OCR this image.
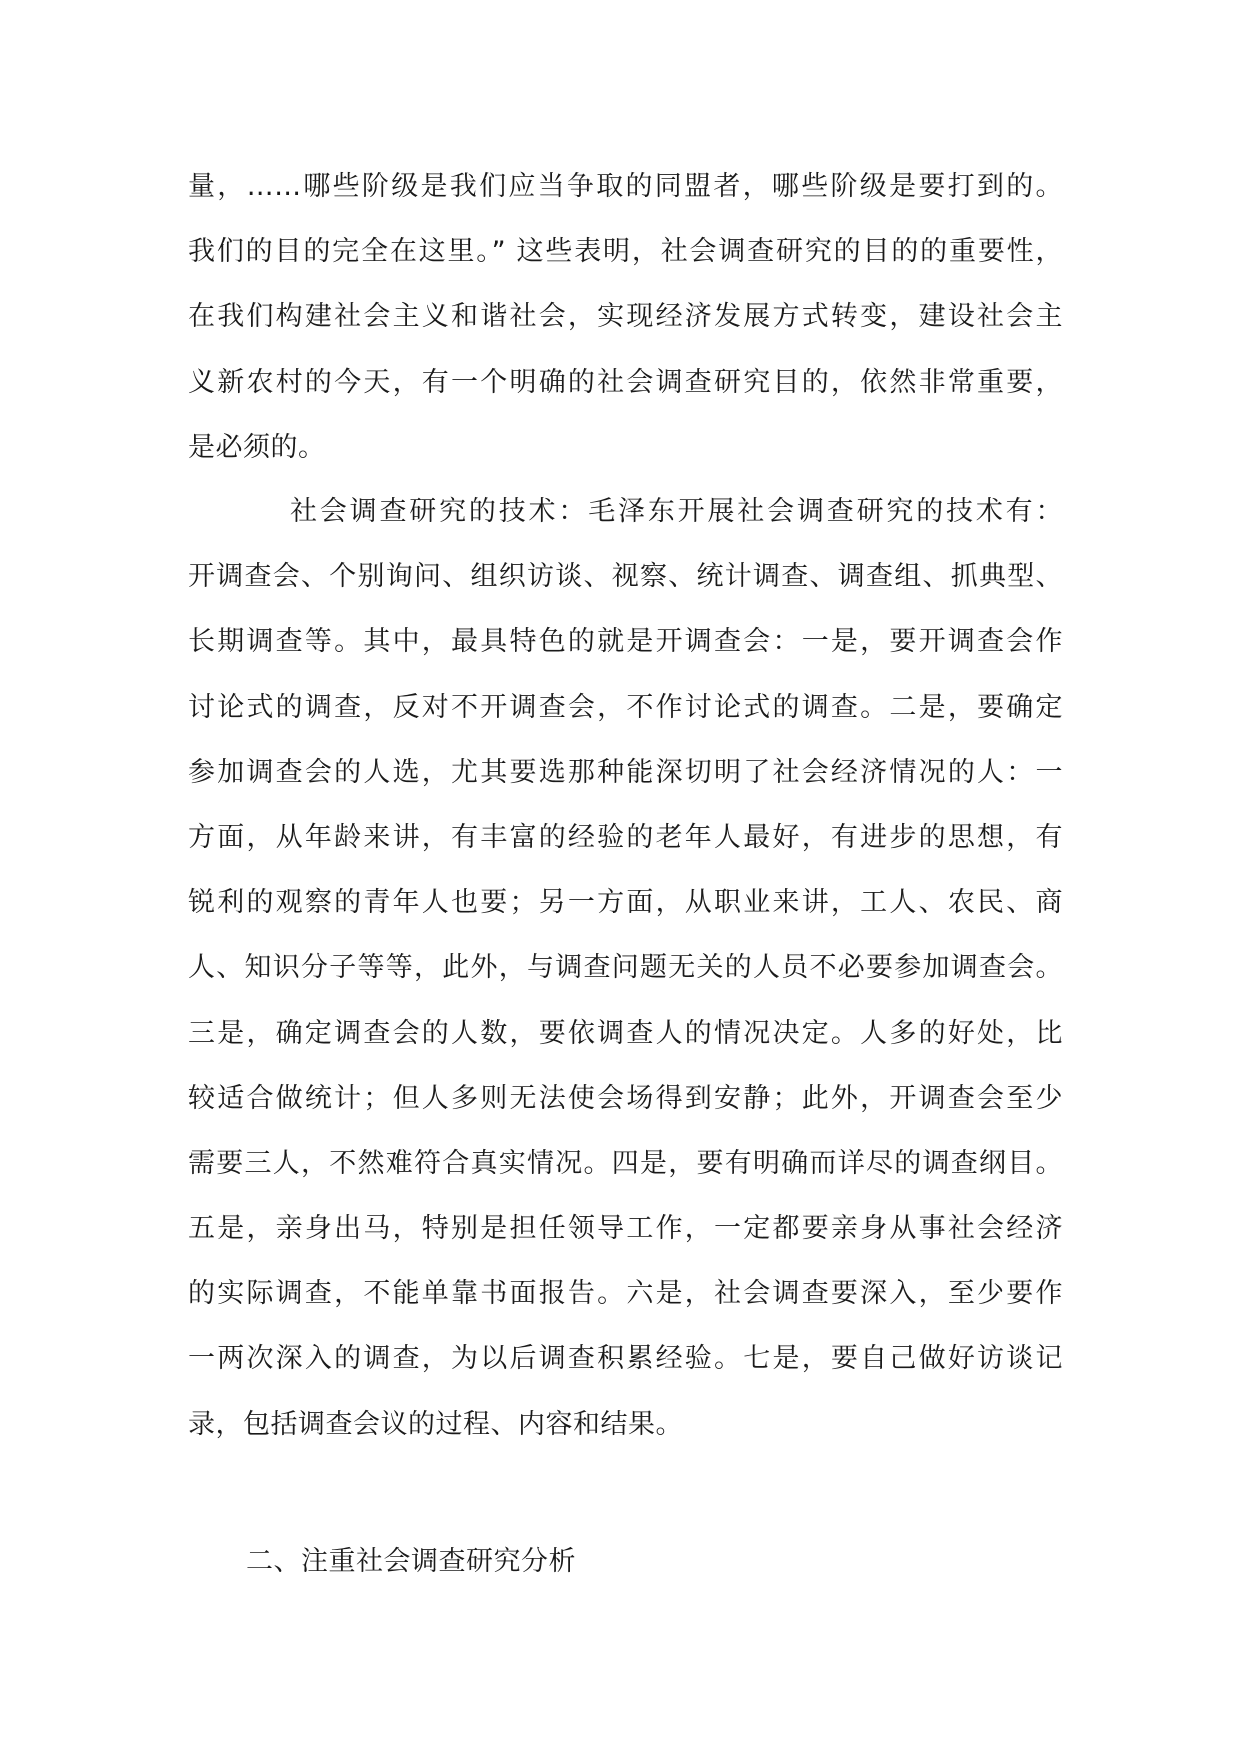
量，……哪些阶级是我们应当争取的同盟者，哪些阶级是要打到的。
我们的目的完全在这里。” 这些表明，社会调查研究的目的的重要性，
在我们构建社会主义和谐社会，实现经济发展方式转变，建设社会主
义新农村的今天，有一个明确的社会调查研究目的，依然非常重要，
是必须的。
社会调查研究的技术：毛泽东开展社会调查研究的技术有：
开调查会、个别询问、组织访谈、视察、统计调查、调查组、抓典型、
长期调查等。其中，最具特色的就是开调查会：一是，要开调查会作
讨论式的调查，反对不开调查会，不作讨论式的调查。二是，要确定
参加调查会的人选，尤其要选那种能深切明了社会经济情况的人：一
方面，从年龄来讲，有丰富的经验的老年人最好，有进步的思想，有
锐利的观察的青年人也要；另一方面，从职业来讲，工人、农民、商
人、知识分子等等，此外，与调查问题无关的人员不必要参加调查会。
三是，确定调查会的人数，要依调查人的情况决定。人多的好处，比
较适合做统计；但人多则无法使会场得到安静；此外，开调查会至少
需要三人，不然难符合真实情况。四是，要有明确而详尽的调查纲目。
五是，亲身出马，特别是担任领导工作，一定都要亲身从事社会经济
的实际调查，不能单靠书面报告。六是，社会调查要深入，至少要作
一两次深入的调查，为以后调查积累经验。七是，要自己做好访谈记
录，包括调查会议的过程、内容和结果。
二、注重社会调查研究分析
